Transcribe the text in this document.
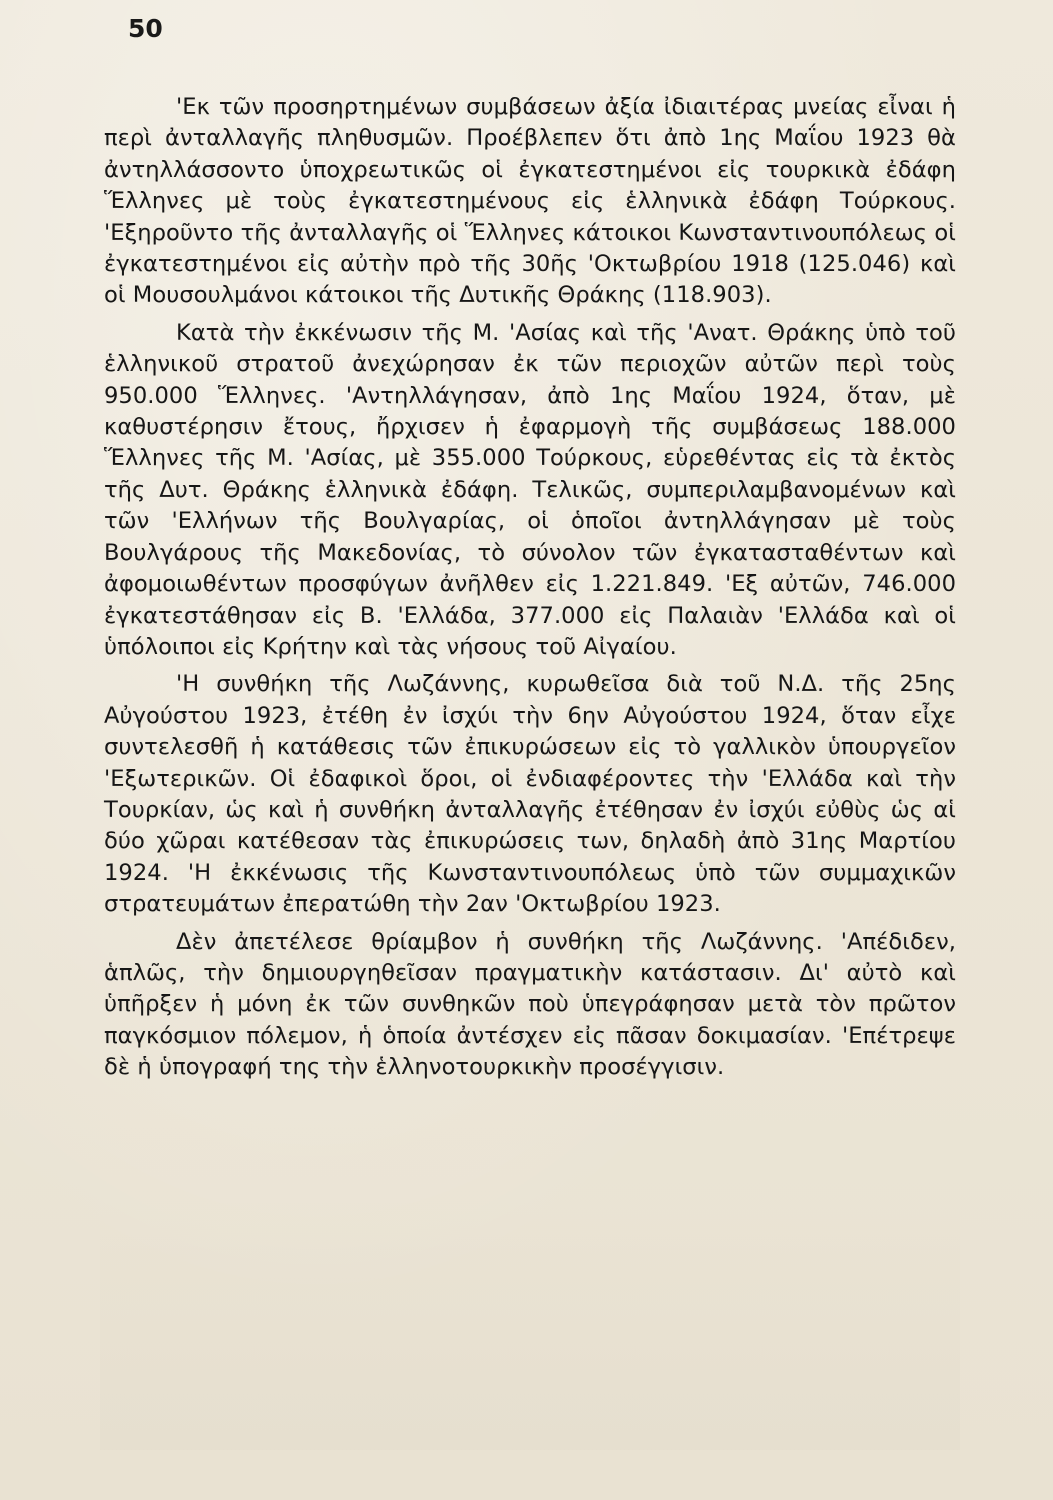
50

'Εκ τῶν προσηρτημένων συμβάσεων ἀξία ἰδιαιτέρας μνείας εἶναι ἡ περὶ ἀνταλλαγῆς πληθυσμῶν. Προέβλεπεν ὅτι ἀπὸ 1ης Μαΐου 1923 θὰ ἀντηλλάσσοντο ὑποχρεωτικῶς οἱ ἐγκατεστημένοι εἰς τουρκικὰ ἐδάφη Ἕλληνες μὲ τοὺς ἐγκατεστημένους εἰς ἑλληνικὰ ἐδάφη Τούρκους. 'Εξηροῦντο τῆς ἀνταλλαγῆς οἱ Ἕλληνες κάτοικοι Κωνσταντινουπόλεως οἱ ἐγκατεστημένοι εἰς αὐτὴν πρὸ τῆς 30ῆς 'Οκτωβρίου 1918 (125.046) καὶ οἱ Μουσουλμάνοι κάτοικοι τῆς Δυτικῆς Θράκης (118.903).

Κατὰ τὴν ἐκκένωσιν τῆς Μ. 'Ασίας καὶ τῆς 'Ανατ. Θράκης ὑπὸ τοῦ ἑλληνικοῦ στρατοῦ ἀνεχώρησαν ἐκ τῶν περιοχῶν αὐτῶν περὶ τοὺς 950.000 Ἕλληνες. 'Αντηλλάγησαν, ἀπὸ 1ης Μαΐου 1924, ὅταν, μὲ καθυστέρησιν ἔτους, ἤρχισεν ἡ ἐφαρμογὴ τῆς συμβάσεως 188.000 Ἕλληνες τῆς Μ. 'Ασίας, μὲ 355.000 Τούρκους, εὑρεθέντας εἰς τὰ ἐκτὸς τῆς Δυτ. Θράκης ἑλληνικὰ ἐδάφη. Τελικῶς, συμπεριλαμβανομένων καὶ τῶν 'Ελλήνων τῆς Βουλγαρίας, οἱ ὁποῖοι ἀντηλλάγησαν μὲ τοὺς Βουλγάρους τῆς Μακεδονίας, τὸ σύνολον τῶν ἐγκατασταθέντων καὶ ἀφομοιωθέντων προσφύγων ἀνῆλθεν εἰς 1.221.849. 'Εξ αὐτῶν, 746.000 ἐγκατεστάθησαν εἰς Β. 'Ελλάδα, 377.000 εἰς Παλαιὰν 'Ελλάδα καὶ οἱ ὑπόλοιποι εἰς Κρήτην καὶ τὰς νήσους τοῦ Αἰγαίου.

'Η συνθήκη τῆς Λωζάννης, κυρωθεῖσα διὰ τοῦ Ν.Δ. τῆς 25ης Αὐγούστου 1923, ἐτέθη ἐν ἰσχύι τὴν 6ην Αὐγούστου 1924, ὅταν εἶχε συντελεσθῆ ἡ κατάθεσις τῶν ἐπικυρώσεων εἰς τὸ γαλλικὸν ὑπουργεῖον 'Εξωτερικῶν. Οἱ ἐδαφικοὶ ὅροι, οἱ ἐνδιαφέροντες τὴν 'Ελλάδα καὶ τὴν Τουρκίαν, ὡς καὶ ἡ συνθήκη ἀνταλλαγῆς ἐτέθησαν ἐν ἰσχύι εὐθὺς ὡς αἱ δύο χῶραι κατέθεσαν τὰς ἐπικυρώσεις των, δηλαδὴ ἀπὸ 31ης Μαρτίου 1924. 'Η ἐκκένωσις τῆς Κωνσταντινουπόλεως ὑπὸ τῶν συμμαχικῶν στρατευμάτων ἐπερατώθη τὴν 2αν 'Οκτωβρίου 1923.

Δὲν ἀπετέλεσε θρίαμβον ἡ συνθήκη τῆς Λωζάννης. 'Απέδιδεν, ἁπλῶς, τὴν δημιουργηθεῖσαν πραγματικὴν κατάστασιν. Δι' αὐτὸ καὶ ὑπῆρξεν ἡ μόνη ἐκ τῶν συνθηκῶν ποὺ ὑπεγράφησαν μετὰ τὸν πρῶτον παγκόσμιον πόλεμον, ἡ ὁποία ἀντέσχεν εἰς πᾶσαν δοκιμασίαν. 'Επέτρεψε δὲ ἡ ὑπογραφή της τὴν ἑλληνοτουρκικὴν προσέγγισιν.
